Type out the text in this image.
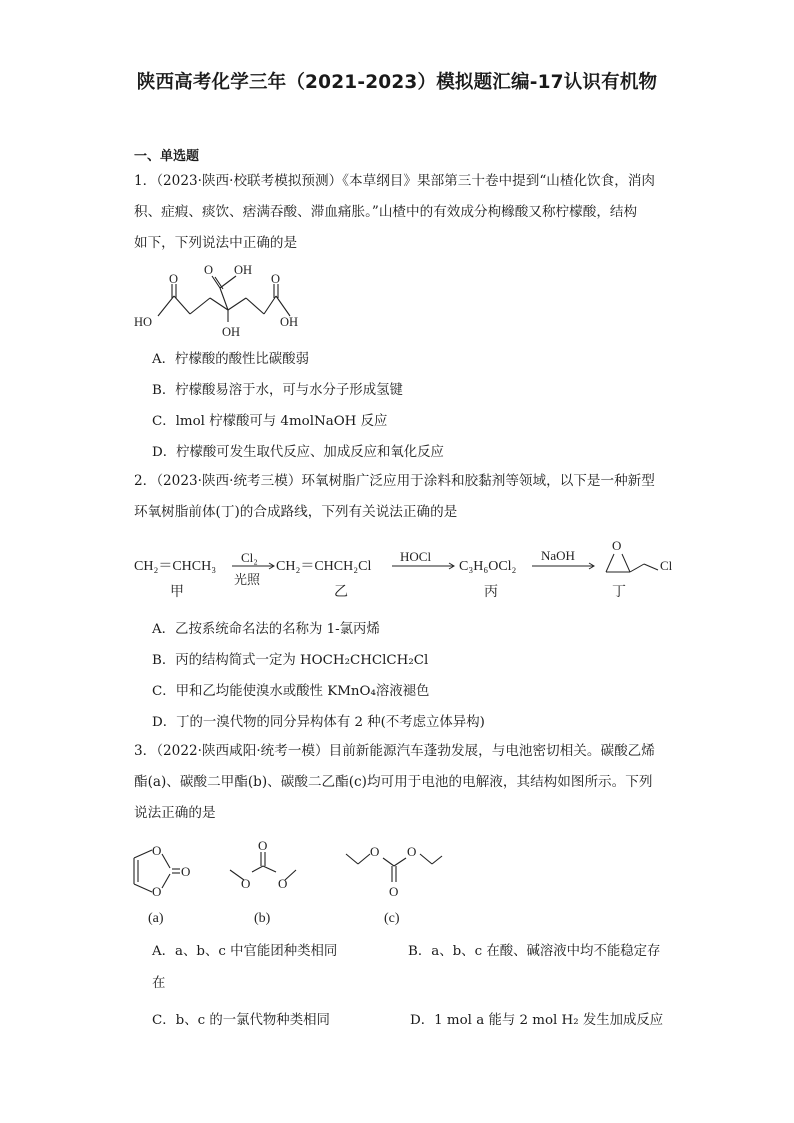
陕西高考化学三年（2021-2023）模拟题汇编-17认识有机物
一、单选题
1．（2023·陕西·校联考模拟预测）《本草纲目》果部第三十卷中提到“山楂化饮食，消肉
积、症瘕、痰饮、痞满吞酸、滞血痛胀。”山楂中的有效成分枸橼酸又称柠檬酸，结构
如下，下列说法中正确的是
O OH
O	O
HO	OH
OH
A．柠檬酸的酸性比碳酸弱
B．柠檬酸易溶于水，可与水分子形成氢键
C．lmol 柠檬酸可与 4molNaOH 反应
D．柠檬酸可发生取代反应、加成反应和氧化反应
2．（2023·陕西·统考三模）环氧树脂广泛应用于涂料和胶黏剂等领域，以下是一种新型
环氧树脂前体(丁)的合成路线，下列有关说法正确的是
CH₂＝CHCH₃
Cl₂
光照
CH₂＝CHCH₂Cl
HOCl
C₃H₆OCl₂
NaOH
甲	乙	丙	丁
O
Cl
A．乙按系统命名法的名称为 1-氯丙烯
B．丙的结构简式一定为 HOCH₂CHClCH₂Cl
C．甲和乙均能使溴水或酸性 KMnO₄溶液褪色
D．丁的一溴代物的同分异构体有 2 种(不考虑立体异构)
3．（2022·陕西咸阳·统考一模）目前新能源汽车蓬勃发展，与电池密切相关。碳酸乙烯
酯(a)、碳酸二甲酯(b)、碳酸二乙酯(c)均可用于电池的电解液，其结构如图所示。下列
说法正确的是
O
O
O
O
O O
O O
O
(a)	(b)	(c)
A．a、b、c 中官能团种类相同	B．a、b、c 在酸、碱溶液中均不能稳定存
在
C．b、c 的一氯代物种类相同	D．1 mol a 能与 2 mol H₂ 发生加成反应
